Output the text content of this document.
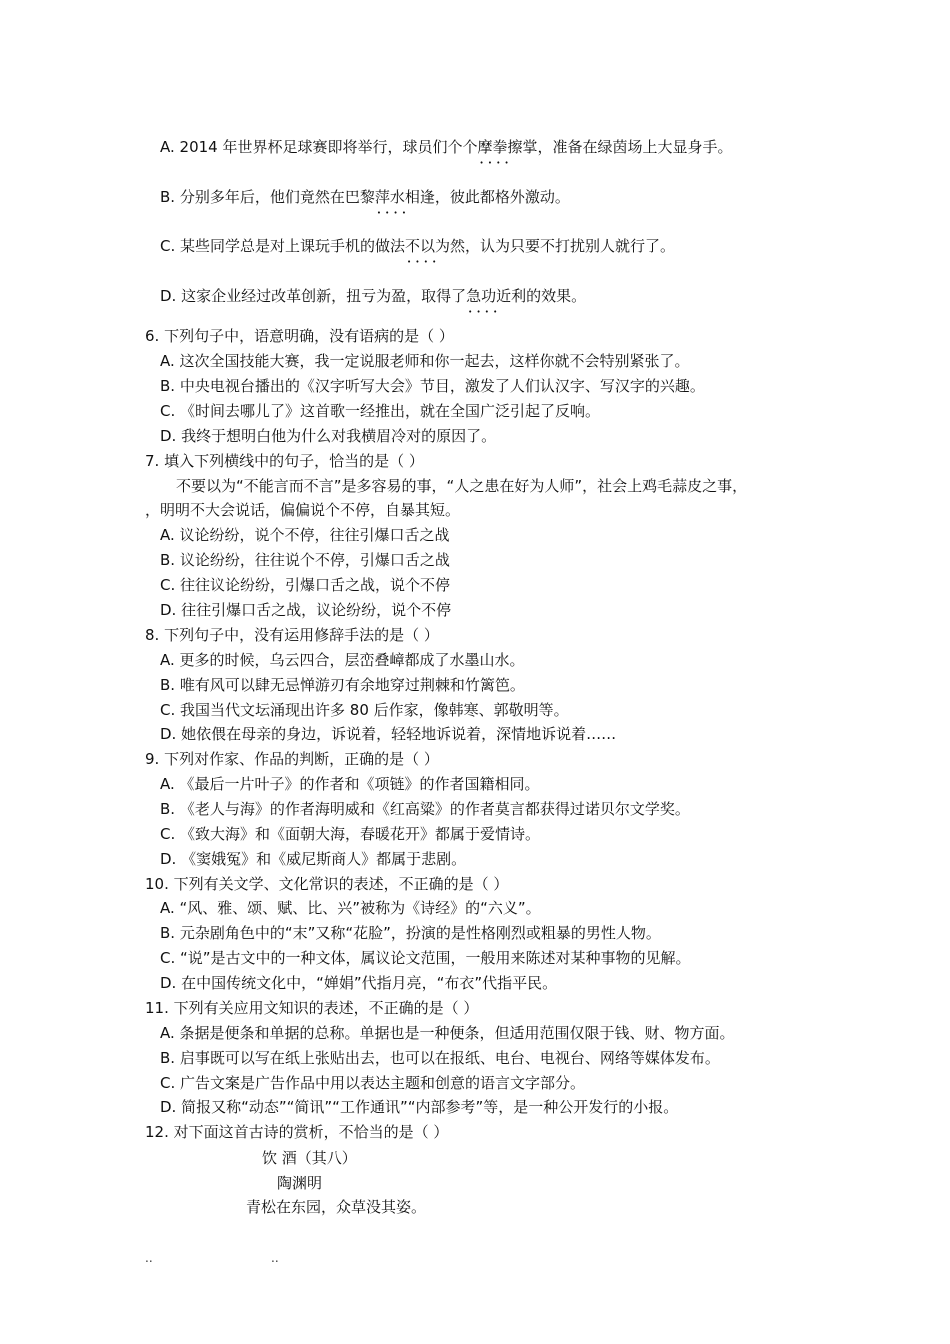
A. 2014 年世界杯足球赛即将举行，球员们个个摩拳擦掌 • • ，准备在绿茵场上大显身手。
B. 分别多年后，他们竟然在巴黎萍水相逢 • • ，彼此都格外激动。
C. 某些同学总是对上课玩手机的做法不以为然 • • ，认为只要不打扰别人就行了。
D. 这家企业经过改革创新，扭亏为盈，取得了急功近利 • • 的效果。
6. 下列句子中，语意明确，没有语病的是（ ）
A. 这次全国技能大赛，我一定说服老师和你一起去，这样你就不会特别紧张了。
B. 中央电视台播出的《汉字听写大会》节目，激发了人们认汉字、写汉字的兴趣。
C. 《时间去哪儿了》这首歌一经推出，就在全国广泛引起了反响。
D. 我终于想明白他为什么对我横眉冷对的原因了。
7. 填入下列横线中的句子，恰当的是（ ）
不要以为“不能言而不言”是多容易的事，“人之患在好为人师”，社会上鸡毛蒜皮之事，
，明明不大会说话，偏偏说个不停，自暴其短。
A. 议论纷纷，说个不停，往往引爆口舌之战
B. 议论纷纷，往往说个不停，引爆口舌之战
C. 往往议论纷纷，引爆口舌之战，说个不停
D. 往往引爆口舌之战，议论纷纷，说个不停
8. 下列句子中，没有运用修辞手法的是（ ）
A. 更多的时候，乌云四合，层峦叠嶂都成了水墨山水。
B. 唯有风可以肆无忌惮游刃有余地穿过荆棘和竹篱笆。
C. 我国当代文坛涌现出许多 80 后作家，像韩寒、郭敬明等。
D. 她依偎在母亲的身边，诉说着，轻轻地诉说着，深情地诉说着……
9. 下列对作家、作品的判断，正确的是（ ）
A. 《最后一片叶子》的作者和《项链》的作者国籍相同。
B. 《老人与海》的作者海明威和《红高粱》的作者莫言都获得过诺贝尔文学奖。
C. 《致大海》和《面朝大海，春暖花开》都属于爱情诗。
D. 《窦娥冤》和《威尼斯商人》都属于悲剧。
10. 下列有关文学、文化常识的表述，不正确的是（ ）
A. “风、雅、颂、赋、比、兴”被称为《诗经》的“六义”。
B. 元杂剧角色中的“末”又称“花脸”，扮演的是性格刚烈或粗暴的男性人物。
C. “说”是古文中的一种文体，属议论文范围，一般用来陈述对某种事物的见解。
D. 在中国传统文化中，“婵娟”代指月亮，“布衣”代指平民。
11. 下列有关应用文知识的表述，不正确的是（ ）
A. 条据是便条和单据的总称。单据也是一种便条，但适用范围仅限于钱、财、物方面。
B. 启事既可以写在纸上张贴出去，也可以在报纸、电台、电视台、网络等媒体发布。
C. 广告文案是广告作品中用以表达主题和创意的语言文字部分。
D. 简报又称“动态”“简讯”“工作通讯”“内部参考”等，是一种公开发行的小报。
12. 对下面这首古诗的赏析，不恰当的是（ ）
饮 酒（其八）
陶渊明
青松在东园，众草没其姿。
..	..
